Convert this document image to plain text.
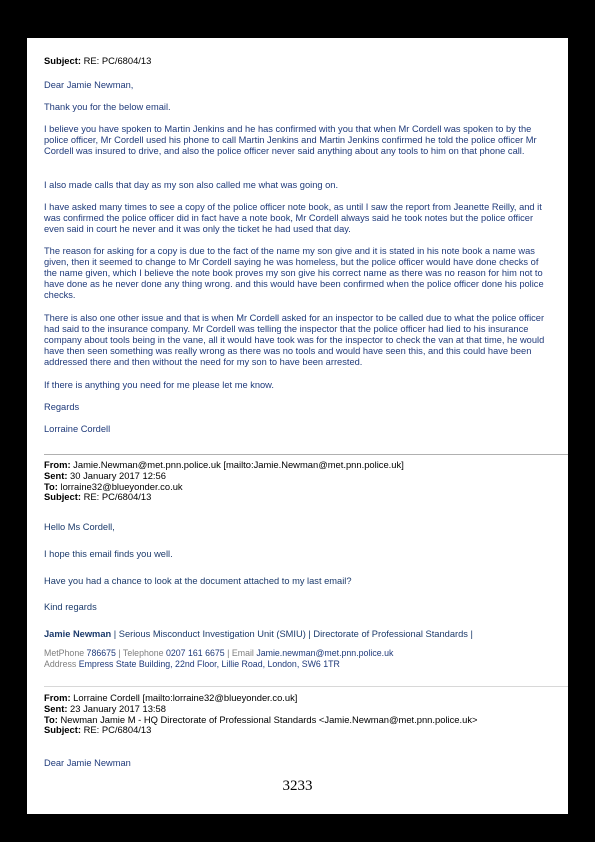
Subject: RE: PC/6804/13

Dear Jamie Newman,

Thank you for the below email.

I believe you have spoken to Martin Jenkins and he has confirmed with you that when Mr Cordell was spoken to by the police officer, Mr Cordell used his phone to call Martin Jenkins and Martin Jenkins confirmed he told the police officer Mr Cordell was insured to drive, and also the police officer never said anything about any tools to him on that phone call.

I also made calls that day as my son also called me what was going on.

I have asked many times to see a copy of the police officer note book, as until I saw the report from Jeanette Reilly, and it was confirmed the police officer did in fact have a note book, Mr Cordell always said he took notes but the police officer even said in court he never and it was only the ticket he had used that day.

The reason for asking for a copy is due to the fact of the name my son give and it is stated in his note book a name was given, then it seemed to change to Mr Cordell saying he was homeless, but the police officer would have done checks of the name given, which I believe the note book proves my son give his correct name as there was no reason for him not to have done as he never done any thing wrong. and this would have been confirmed when the police officer done his police checks.

There is also one other issue and that is when Mr Cordell asked for an inspector to be called due to what the police officer had said to the insurance company. Mr Cordell was telling the inspector that the police officer had lied to his insurance company about tools being in the vane, all it would have took was for the inspector to check the van at that time, he would have then seen something was really wrong as there was no tools and would have seen this, and this could have been addressed there and then without the need for my son to have been arrested.

If there is anything you need for me please let me know.

Regards

Lorraine Cordell

From: Jamie.Newman@met.pnn.police.uk [mailto:Jamie.Newman@met.pnn.police.uk]
Sent: 30 January 2017 12:56
To: lorraine32@blueyonder.co.uk
Subject: RE: PC/6804/13

Hello Ms Cordell,

I hope this email finds you well.

Have you had a chance to look at the document attached to my last email?

Kind regards

Jamie Newman | Serious Misconduct Investigation Unit (SMIU) | Directorate of Professional Standards |

MetPhone 786675 | Telephone 0207 161 6675 | Email Jamie.newman@met.pnn.police.uk
Address Empress State Building, 22nd Floor, Lillie Road, London, SW6 1TR
From: Lorraine Cordell [mailto:lorraine32@blueyonder.co.uk]
Sent: 23 January 2017 13:58
To: Newman Jamie M - HQ Directorate of Professional Standards <Jamie.Newman@met.pnn.police.uk>
Subject: RE: PC/6804/13

Dear Jamie Newman

3233
